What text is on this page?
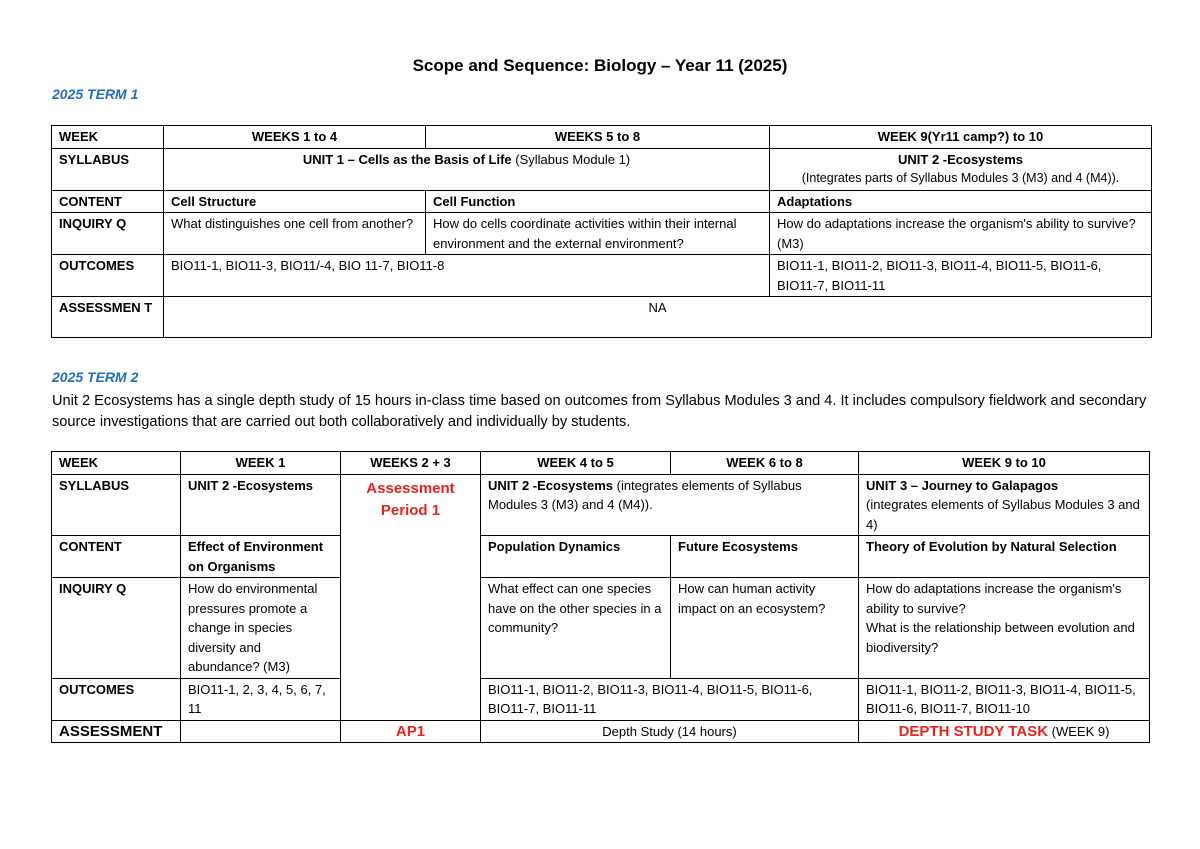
Scope and Sequence: Biology – Year 11 (2025)
2025 TERM 1
WEEK	WEEKS 1 to 4	WEEKS 5 to 8	WEEK 9(Yr11 camp?) to 10
SYLLABUS	UNIT 1 – Cells as the Basis of Life (Syllabus Module 1)		UNIT 2 -Ecosystems
(Integrates parts of Syllabus Modules 3 (M3) and 4 (M4)).

CONTENT	Cell Structure	Cell Function	Adaptations
INQUIRY Q	What distinguishes one cell from another?	How do cells coordinate activities within their internal environment and the external environment?	How do adaptations increase the organism's ability to survive? (M3)
OUTCOMES	BIO11-1, BIO11-3, BIO11/-4, BIO 11-7, BIO11-8		BIO11-1, BIO11-2, BIO11-3, BIO11-4, BIO11-5, BIO11-6, BIO11-7, BIO11-11
ASSESSMEN T	NA		
2025 TERM 2
Unit 2 Ecosystems has a single depth study of 15 hours in-class time based on outcomes from Syllabus Modules 3 and 4. It includes compulsory fieldwork and secondary source investigations that are carried out both collaboratively and individually by students.
WEEK	WEEK 1	WEEKS 2 + 3	WEEK 4 to 5	WEEK 6 to 8	WEEK 9 to 10
SYLLABUS	UNIT 2 -Ecosystems	Assessment Period 1	UNIT 2 -Ecosystems (integrates elements of Syllabus Modules 3 (M3) and 4 (M4)).		UNIT 3 – Journey to Galapagos
(integrates elements of Syllabus Modules 3 and 4)

CONTENT	Effect of Environment on Organisms		Population Dynamics	Future Ecosystems	Theory of Evolution by Natural Selection
INQUIRY Q	How do environmental pressures promote a change in species diversity and abundance? (M3)		What effect can one species have on the other species in a community?	How can human activity impact on an ecosystem?	How do adaptations increase the organism's ability to survive?
What is the relationship between evolution and biodiversity?

OUTCOMES	BIO11-1, 2, 3, 4, 5, 6, 7, 11		BIO11-1, BIO11-2, BIO11-3, BIO11-4, BIO11-5, BIO11-6, BIO11-7, BIO11-11		BIO11-1, BIO11-2, BIO11-3, BIO11-4, BIO11-5, BIO11-6, BIO11-7, BIO11-10

ASSESSMENT		AP1	Depth Study (14 hours)		DEPTH STUDY TASK (WEEK 9)
